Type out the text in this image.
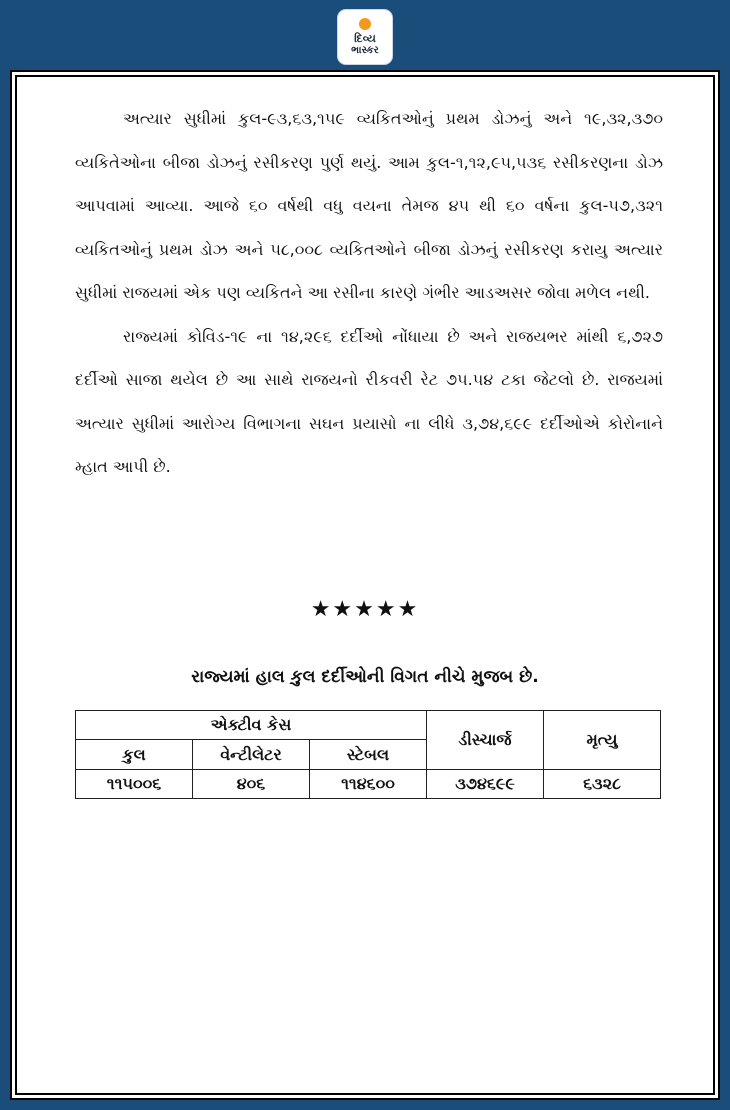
દિવ્ય
ભાસ્કર

અત્યાર સુધીમાં કુલ-૯૩,૬૩,૧૫૯ વ્યકિતઓનું પ્રથમ ડોઝનું અને ૧૯,૩૨,૩૭૦ વ્યકિતેઓના બીજા ડોઝનું રસીકરણ પુર્ણ થયું. આમ કુલ-૧,૧૨,૯૫,૫૩૬ રસીકરણના ડોઝ આપવામાં આવ્યા. આજે ૬૦ વર્ષથી વધુ વયના તેમજ ૪૫ થી ૬૦ વર્ષના કુલ-૫૭,૩૨૧ વ્યકિતઓનું પ્રથમ ડોઝ અને ૫૮,૦૦૮ વ્યકિતઓને બીજા ડોઝનું રસીકરણ કરાયુ અત્યાર સુધીમાં રાજયમાં એક પણ વ્યકિતને આ રસીના કારણે ગંભીર આડઅસર જોવા મળેલ નથી.

રાજ્યમાં કોવિડ-૧૯ ના ૧૪,૨૯૬ દર્દીઓ નોંધાયા છે અને રાજયભર માંથી ૬,૭૨૭ દર્દીઓ સાજા થયેલ છે આ સાથે રાજયનો રીકવરી રેટ ૭૫.૫૪ ટકા જેટલો છે. રાજયમાં અત્યાર સુધીમાં આરોગ્ય વિભાગના સઘન પ્રયાસો ના લીધે ૩,૭૪,૬૯૯ દર્દીઓએ કોરોનાને મ્હાત આપી છે.

★★★★★
રાજ્યમાં હાલ કુલ દર્દીઓની વિગત નીચે મુજબ છે.
એક્ટીવ કેસ			ડીસ્ચાર્જ	મૃત્યુ
કુલ	વેન્ટીલેટર	સ્ટેબલ		
૧૧૫૦૦૬	૪૦૬	૧૧૪૬૦૦	૩૭૪૬૯૯	૬૩૨૮
